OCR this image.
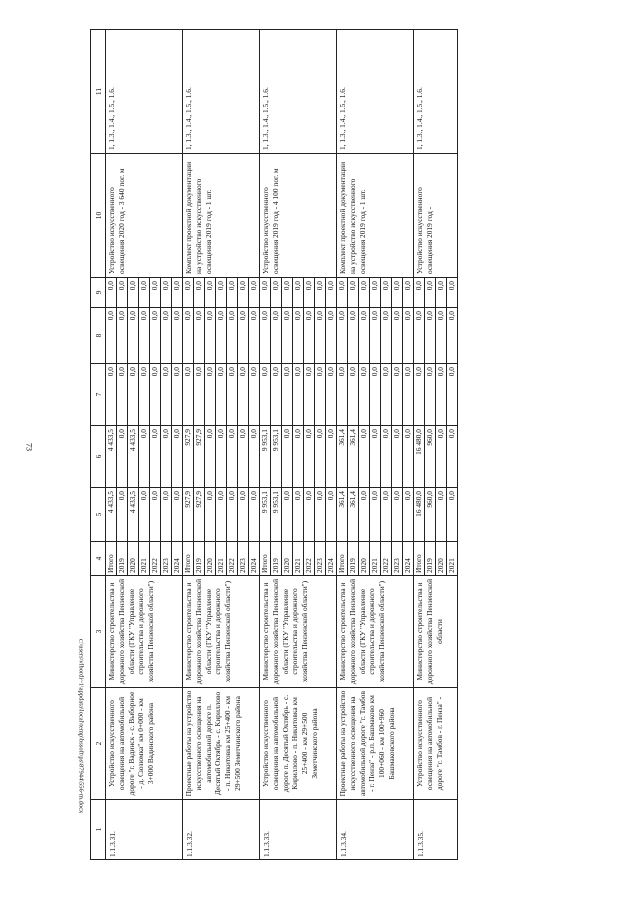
73
c:\users\vlbordi~1\appdata\local\temp\bssoft\ps\87944\556-m.docx
1	2	3	4	5	6	7	8	9	10	11
1.1.3.31.	Устройство искусственного освещения на автомобильной дороге "г. Вадинск - с. Выборное - д. Сюзюмка" км 0+000 - км 3+000 Вадинского района	Министерство строительства и дорожного хозяйства Пензенской области (ГКУ "Управление строительства и дорожного хозяйства Пензенской области")	Итого	4 433,5	4 433,5	0,0	0,0	0,0	Устройство искусственного освещения 2020 год - 3 640 пог. м	1, 1.3., 1.4., 1.5., 1.6.
			2019	0,0	0,0	0,0	0,0	0,0		
			2020	4 433,5	4 433,5	0,0	0,0	0,0		
			2021	0,0	0,0	0,0	0,0	0,0		
			2022	0,0	0,0	0,0	0,0	0,0		
			2023	0,0	0,0	0,0	0,0	0,0		
			2024	0,0	0,0	0,0	0,0	0,0		
1.1.3.32.	Проектные работы на устройство искусственного освещения на автомобильной дороге п. Десятый Октябрь - с. Кириллово - п. Никитовка км 25+400 - км 29+500 Земетчинского района	Министерство строительства и дорожного хозяйства Пензенской области (ГКУ "Управление строительства и дорожного хозяйства Пензенской области")	Итого	927,9	927,9	0,0	0,0	0,0	Комплект проектной документации на устройство искусственного освещения 2019 год - 1 шт.	1, 1.3., 1.4., 1.5., 1.6.
			2019	927,9	927,9	0,0	0,0	0,0		
			2020	0,0	0,0	0,0	0,0	0,0		
			2021	0,0	0,0	0,0	0,0	0,0		
			2022	0,0	0,0	0,0	0,0	0,0		
			2023	0,0	0,0	0,0	0,0	0,0		
			2024	0,0	0,0	0,0	0,0	0,0		
1.1.3.33.	Устройство искусственного освещения на автомобильной дороге п. Десятый Октябрь - с. Кириллово - п. Никитовка км 25+400 - км 29+500 Земетчинского района	Министерство строительства и дорожного хозяйства Пензенской области (ГКУ "Управление строительства и дорожного хозяйства Пензенской области")	Итого	9 953,1	9 953,1	0,0	0,0	0,0	Устройство искусственного освещения 2019 год - 4 100 пог. м	1, 1.3., 1.4., 1.5., 1.6.
			2019	9 953,1	9 953,1	0,0	0,0	0,0		
			2020	0,0	0,0	0,0	0,0	0,0		
			2021	0,0	0,0	0,0	0,0	0,0		
			2022	0,0	0,0	0,0	0,0	0,0		
			2023	0,0	0,0	0,0	0,0	0,0		
			2024	0,0	0,0	0,0	0,0	0,0		
1.1.3.34.	Проектные работы на устройство искусственного освещения на автомобильной дороге "г. Тамбов - г. Пенза" - р.п. Башмаково км 100+060 - км 100+960 Башмаковского района	Министерство строительства и дорожного хозяйства Пензенской области (ГКУ "Управление строительства и дорожного хозяйства Пензенской области")	Итого	361,4	361,4	0,0	0,0	0,0	Комплект проектной документации на устройство искусственного освещения 2019 год - 1 шт.	1, 1.3., 1.4., 1.5., 1.6.
			2019	361,4	361,4	0,0	0,0	0,0		
			2020	0,0	0,0	0,0	0,0	0,0		
			2021	0,0	0,0	0,0	0,0	0,0		
			2022	0,0	0,0	0,0	0,0	0,0		
			2023	0,0	0,0	0,0	0,0	0,0		
			2024	0,0	0,0	0,0	0,0	0,0		
1.1.3.35.	Устройство искусственного освещения на автомобильной дороге "г. Тамбов - г. Пенза" -	Министерство строительства и дорожного хозяйства Пензенской области	Итого	16 480,0	16 480,0	0,0	0,0	0,0	Устройство искусственного освещения 2019 год -	1, 1.3., 1.4., 1.5., 1.6.
			2019	960,0	960,0	0,0	0,0	0,0		
			2020	0,0	0,0	0,0	0,0	0,0		
			2021	0,0	0,0	0,0	0,0	0,0		
